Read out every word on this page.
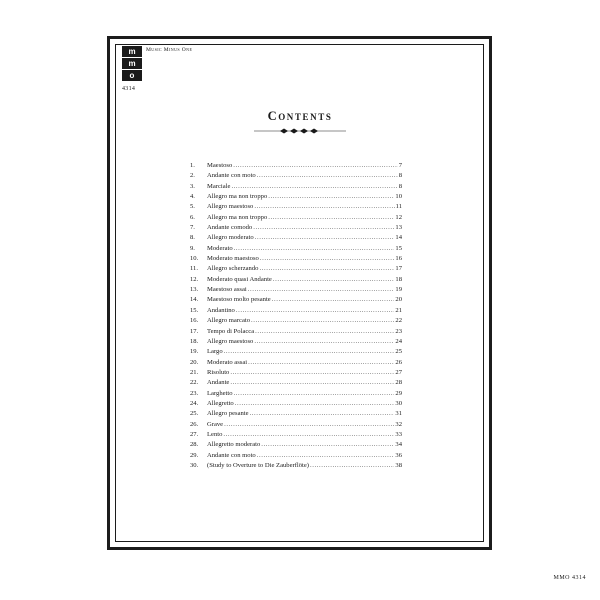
m
m
o
4314
Music Minus One
Contents
1.	Maestoso .....	7
2.	Andante con moto .....	8
3.	Marciale .....	8
4.	Allegro ma non troppo .....	10
5.	Allegro maestoso .....	11
6.	Allegro ma non troppo .....	12
7.	Andante comodo .....	13
8.	Allegro moderato .....	14
9.	Moderato .....	15
10.	Moderato maestoso .....	16
11.	Allegro scherzando .....	17
12.	Moderato quasi Andante .....	18
13.	Maestoso assai .....	19
14.	Maestoso molto pesante .....	20
15.	Andantino .....	21
16.	Allegro marcato .....	22
17.	Tempo di Polacca .....	23
18.	Allegro maestoso .....	24
19.	Largo .....	25
20.	Moderato assai .....	26
21.	Risoluto .....	27
22.	Andante .....	28
23.	Larghetto .....	29
24.	Allegretto .....	30
25.	Allegro pesante .....	31
26.	Grave .....	32
27.	Lento .....	33
28.	Allegretto moderato .....	34
29.	Andante con moto .....	36
30.	(Study to Overture to Die Zauberflöte) .....	38
MMO 4314
